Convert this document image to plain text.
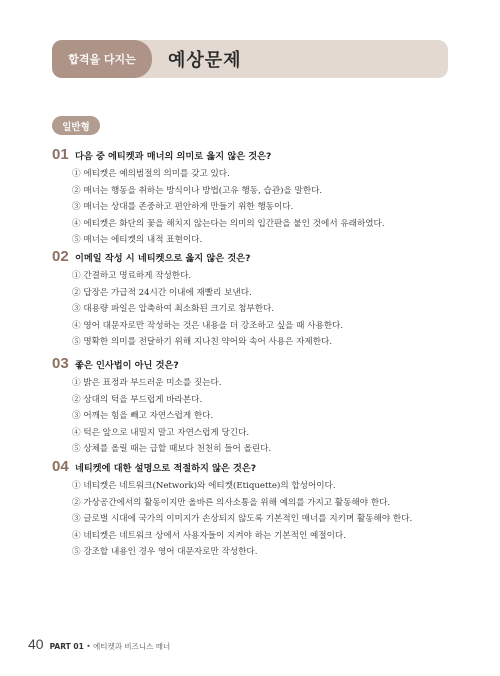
합격을 다지는	예상문제
일반형
01 다음 중 에티켓과 매너의 의미로 옳지 않은 것은?
① 에티켓은 예의범절의 의미를 갖고 있다.
② 매너는 행동을 취하는 방식이나 방법(고유 행동, 습관)을 말한다.
③ 매너는 상대를 존중하고 편안하게 만들기 위한 행동이다.
④ 에티켓은 화단의 꽃을 해치지 않는다는 의미의 입간판을 붙인 것에서 유래하였다.
⑤ 매너는 에티켓의 내적 표현이다.
02 이메일 작성 시 네티켓으로 옳지 않은 것은?
① 간결하고 명료하게 작성한다.
② 답장은 가급적 24시간 이내에 재빨리 보낸다.
③ 대용량 파일은 압축하여 최소화된 크기로 첨부한다.
④ 영어 대문자로만 작성하는 것은 내용을 더 강조하고 싶을 때 사용한다.
⑤ 명확한 의미를 전달하기 위해 지나친 약어와 속어 사용은 자제한다.
03 좋은 인사법이 아닌 것은?
① 밝은 표정과 부드러운 미소를 짓는다.
② 상대의 턱을 부드럽게 바라본다.
③ 어깨는 힘을 빼고 자연스럽게 한다.
④ 턱은 앞으로 내밀지 말고 자연스럽게 당긴다.
⑤ 상체를 올릴 때는 급할 때보다 천천히 들어 올린다.
04 네티켓에 대한 설명으로 적절하지 않은 것은?
① 네티켓은 네트워크(Network)와 에티켓(Etiquette)의 합성어이다.
② 가상공간에서의 활동이지만 올바른 의사소통을 위해 예의를 가지고 활동해야 한다.
③ 글로벌 시대에 국가의 이미지가 손상되지 않도록 기본적인 매너를 지키며 활동해야 한다.
④ 네티켓은 네트워크 상에서 사용자들이 지켜야 하는 기본적인 예절이다.
⑤ 강조할 내용인 경우 영어 대문자로만 작성한다.
40 PART 01 • 에티켓과 비즈니스 매너
